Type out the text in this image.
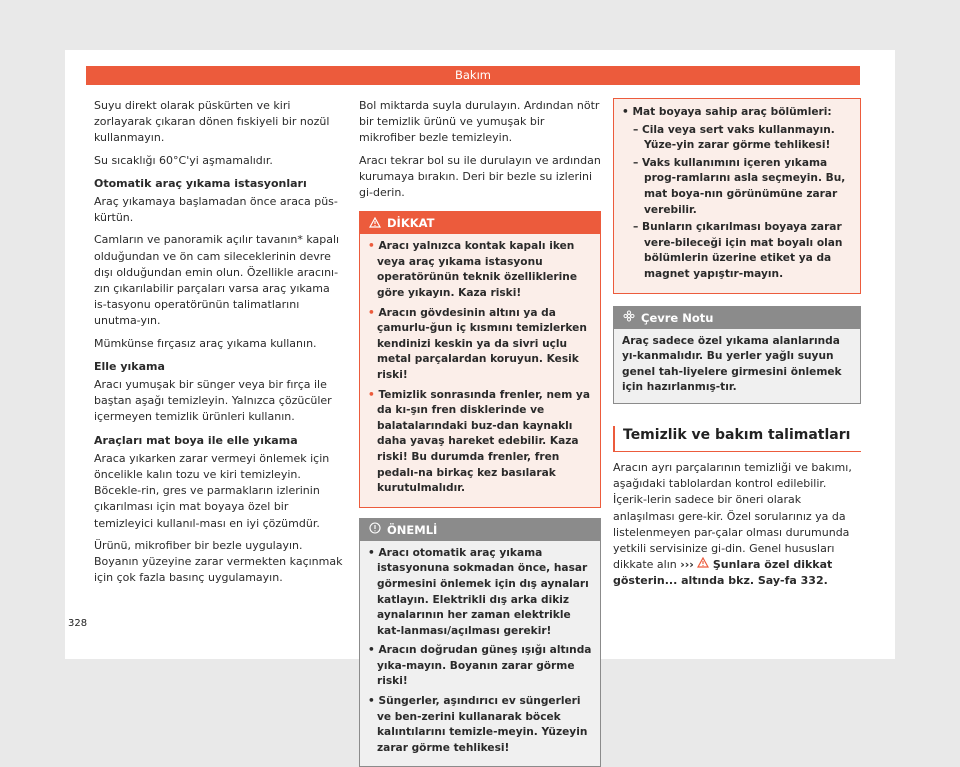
Bakım

Suyu direkt olarak püskürten ve kiri zorlayarak çıkaran dönen fıskiyeli bir nozül kullanmayın.

Su sıcaklığı 60°C'yi aşmamalıdır.

Otomatik araç yıkama istasyonları

Araç yıkamaya başlamadan önce araca püs-kürtün.

Camların ve panoramik açılır tavanın* kapalı olduğundan ve ön cam sileceklerinin devre dışı olduğundan emin olun. Özellikle aracını-zın çıkarılabilir parçaları varsa araç yıkama is-tasyonu operatörünün talimatlarını unutma-yın.

Mümkünse fırçasız araç yıkama kullanın.

Elle yıkama

Aracı yumuşak bir sünger veya bir fırça ile baştan aşağı temizleyin. Yalnızca çözücüler içermeyen temizlik ürünleri kullanın.

Araçları mat boya ile elle yıkama

Araca yıkarken zarar vermeyi önlemek için öncelikle kalın tozu ve kiri temizleyin. Böcekle-rin, gres ve parmakların izlerinin çıkarılması için mat boyaya özel bir temizleyici kullanıl-ması en iyi çözümdür.

Ürünü, mikrofiber bir bezle uygulayın. Boyanın yüzeyine zarar vermekten kaçınmak için çok fazla basınç uygulamayın.

Bol miktarda suyla durulayın. Ardından nötr bir temizlik ürünü ve yumuşak bir mikrofiber bezle temizleyin.

Aracı tekrar bol su ile durulayın ve ardından kurumaya bırakın. Deri bir bezle su izlerini gi-derin.

DİKKAT

• Aracı yalnızca kontak kapalı iken veya araç yıkama istasyonu operatörünün teknik özelliklerine göre yıkayın. Kaza riski!

• Aracın gövdesinin altını ya da çamurlu-ğun iç kısmını temizlerken kendinizi keskin ya da sivri uçlu metal parçalardan koruyun. Kesik riski!

• Temizlik sonrasında frenler, nem ya da kı-şın fren disklerinde ve balatalarındaki buz-dan kaynaklı daha yavaş hareket edebilir. Kaza riski! Bu durumda frenler, fren pedalı-na birkaç kez basılarak kurutulmalıdır.

ÖNEMLİ

• Aracı otomatik araç yıkama istasyonuna sokmadan önce, hasar görmesini önlemek için dış aynaları katlayın. Elektrikli dış arka dikiz aynalarının her zaman elektrikle kat-lanması/açılması gerekir!

• Aracın doğrudan güneş ışığı altında yıka-mayın. Boyanın zarar görme riski!

• Süngerler, aşındırıcı ev süngerleri ve ben-zerini kullanarak böcek kalıntılarını temizle-meyin. Yüzeyin zarar görme tehlikesi!

• Mat boyaya sahip araç bölümleri:

– Cila veya sert vaks kullanmayın. Yüze-yin zarar görme tehlikesi!

– Vaks kullanımını içeren yıkama prog-ramlarını asla seçmeyin. Bu, mat boya-nın görünümüne zarar verebilir.

– Bunların çıkarılması boyaya zarar vere-bileceği için mat boyalı olan bölümlerin üzerine etiket ya da magnet yapıştır-mayın.

Çevre Notu
Araç sadece özel yıkama alanlarında yı-kanmalıdır. Bu yerler yağlı suyun genel tah-liyelere girmesini önlemek için hazırlanmış-tır.
Temizlik ve bakım talimatları

Aracın ayrı parçalarının temizliği ve bakımı, aşağıdaki tablolardan kontrol edilebilir. İçerik-lerin sadece bir öneri olarak anlaşılması gere-kir. Özel sorularınız ya da listelenmeyen par-çalar olması durumunda yetkili servisinize gi-din. Genel hususları dikkate alın ››› Şunlara özel dikkat gösterin... altında bkz. Say-fa 332.

328
